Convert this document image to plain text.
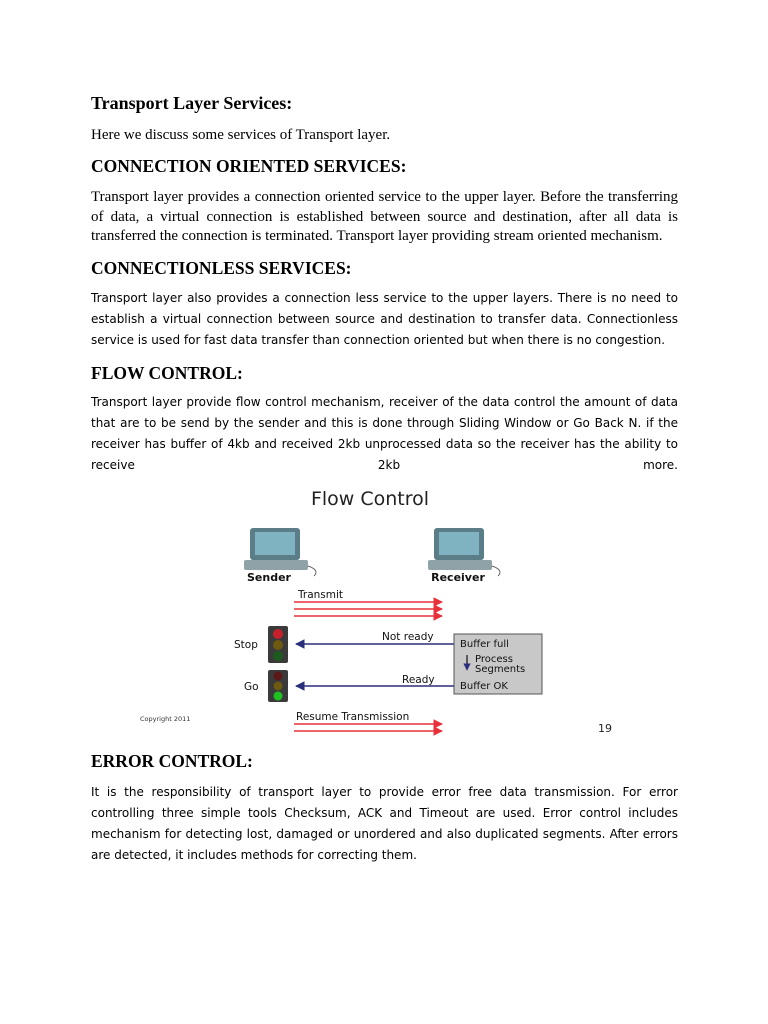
Transport Layer Services:

Here we discuss some services of Transport layer.

CONNECTION ORIENTED SERVICES:

Transport layer provides a connection oriented service to the upper layer. Before the transferring of data, a virtual connection is established between source and destination, after all data is transferred the connection is terminated. Transport layer providing stream oriented mechanism.

CONNECTIONLESS SERVICES:

Transport layer also provides a connection less service to the upper layers. There is no need to establish a virtual connection between source and destination to transfer data. Connectionless service is used for fast data transfer than connection oriented but when there is no congestion.

FLOW CONTROL:

Transport layer provide flow control mechanism, receiver of the data control the amount of data that are to be send by the sender and this is done through Sliding Window or Go Back N. if the receiver has buffer of 4kb and received 2kb unprocessed data so the receiver has the ability to receive 2kb more.

ERROR CONTROL:

It is the responsibility of transport layer to provide error free data transmission. For error controlling three simple tools Checksum, ACK and Timeout are used. Error control includes mechanism for detecting lost, damaged or unordered and also duplicated segments. After errors are detected, it includes methods for correcting them.

Flow Control
Sender	Receiver
Transmit
Stop
Not ready
Buffer full
Process
Segments
Buffer OK
Go
Ready
Resume Transmission
Copyright 2011
19
